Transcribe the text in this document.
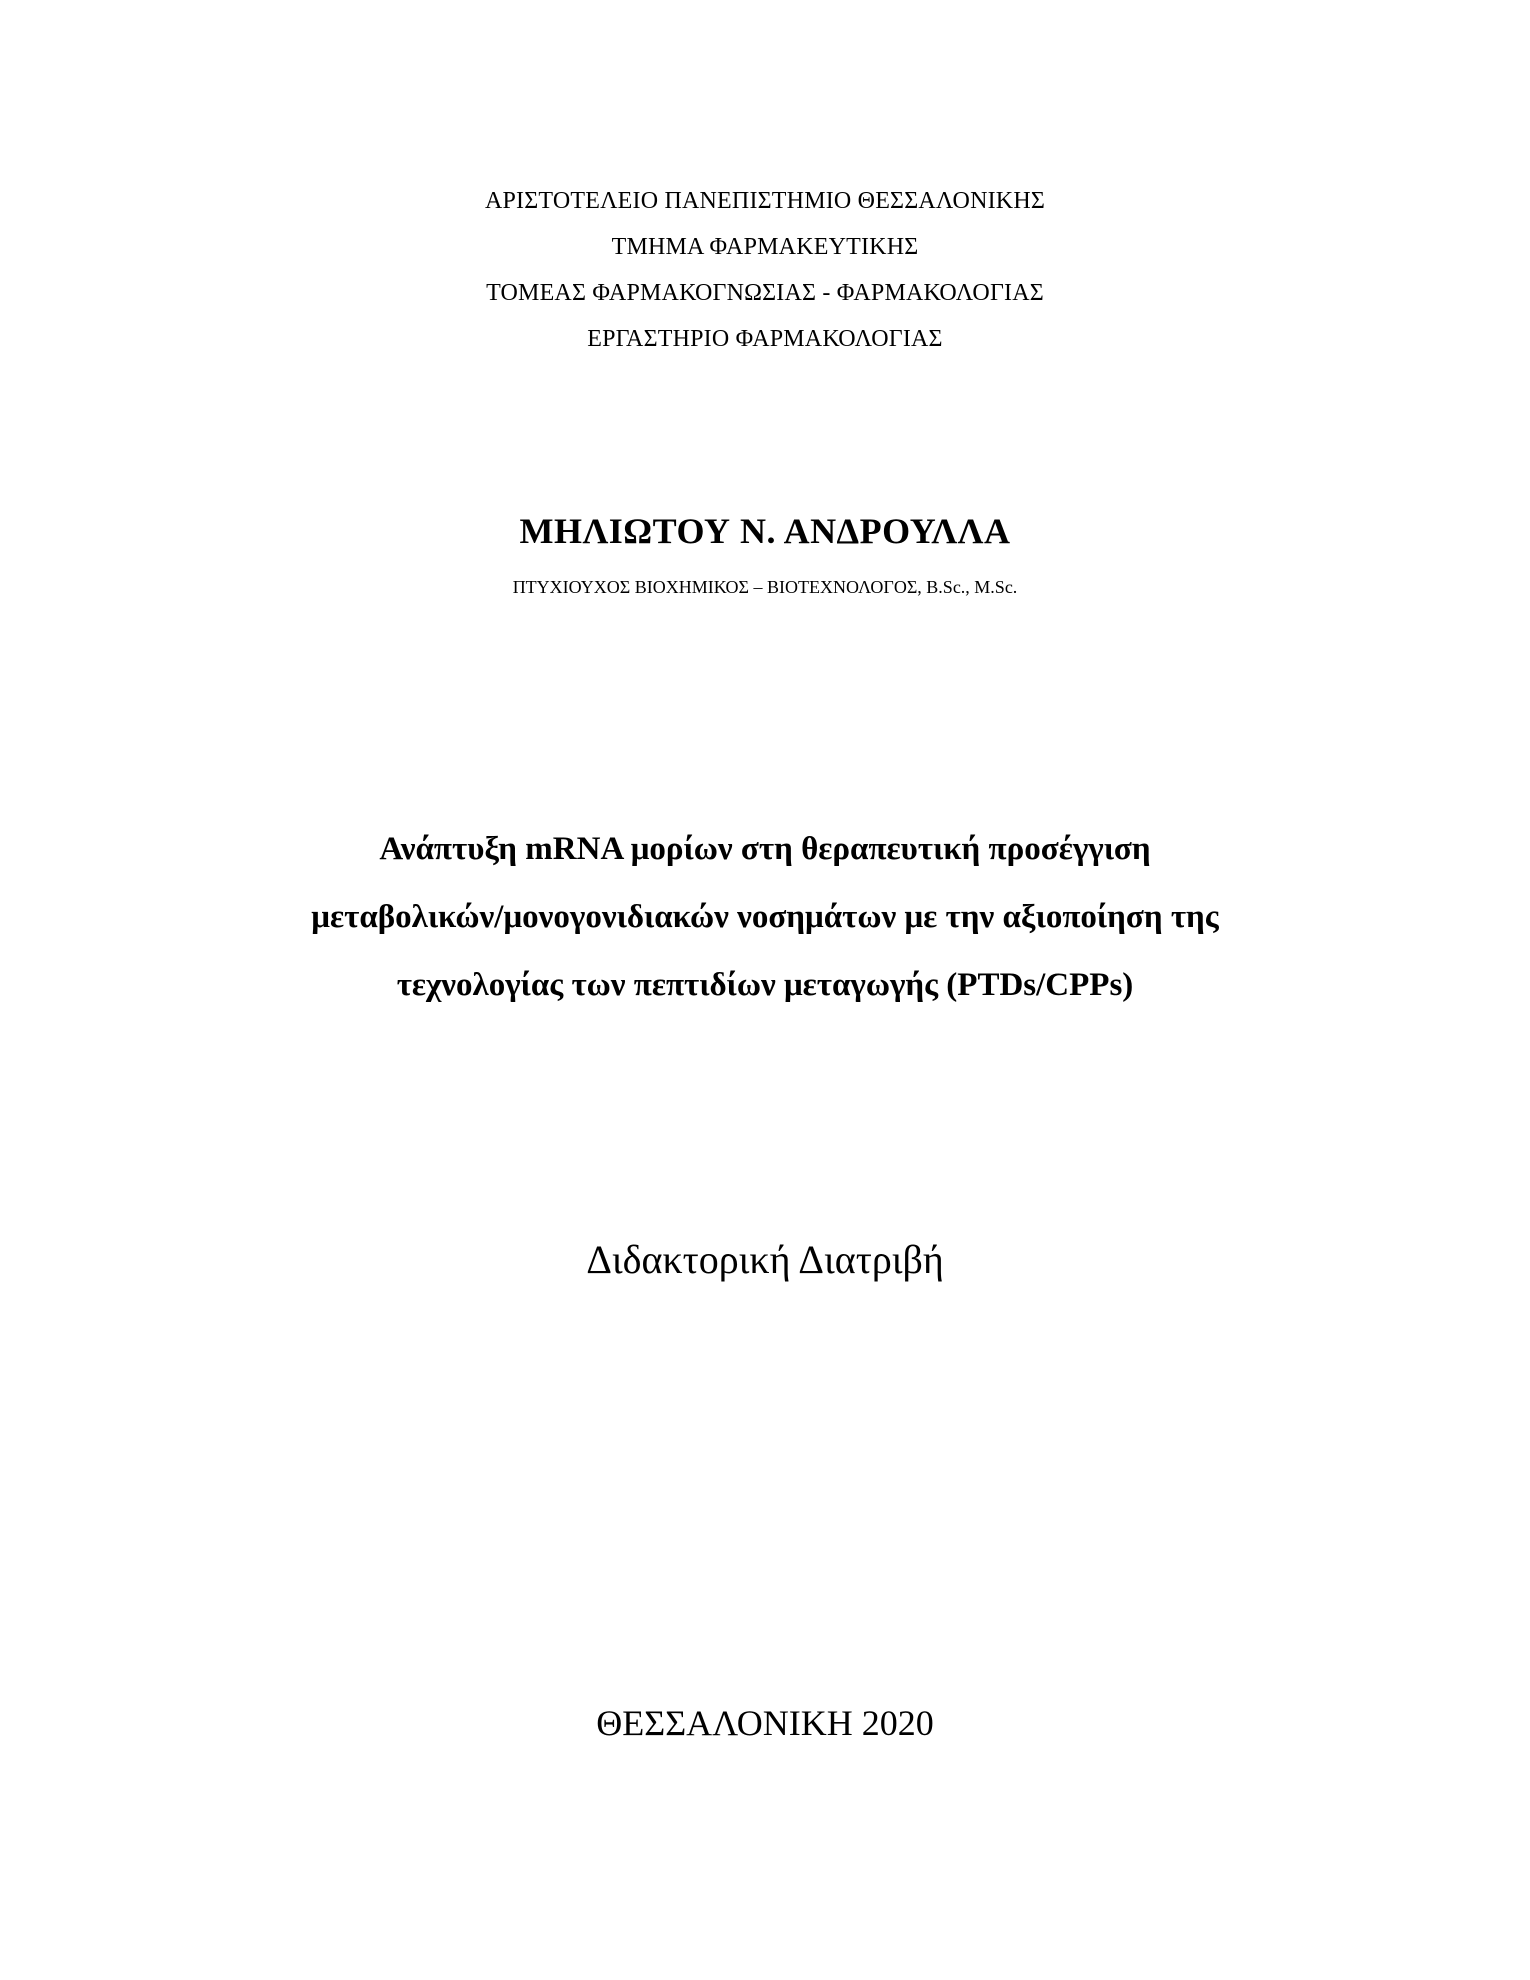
ΑΡΙΣΤΟΤΕΛΕΙΟ ΠΑΝΕΠΙΣΤΗΜΙΟ ΘΕΣΣΑΛΟΝΙΚΗΣ
ΤΜΗΜΑ ΦΑΡΜΑΚΕΥΤΙΚΗΣ
ΤΟΜΕΑΣ ΦΑΡΜΑΚΟΓΝΩΣΙΑΣ - ΦΑΡΜΑΚΟΛΟΓΙΑΣ
ΕΡΓΑΣΤΗΡΙΟ ΦΑΡΜΑΚΟΛΟΓΙΑΣ
ΜΗΛΙΩΤΟΥ Ν. ΑΝΔΡΟΥΛΛΑ
ΠΤΥΧΙΟΥΧΟΣ ΒΙΟΧΗΜΙΚΟΣ – ΒΙΟΤΕΧΝΟΛΟΓΟΣ, B.Sc., M.Sc.
Ανάπτυξη mRNA μορίων στη θεραπευτική προσέγγιση
μεταβολικών/μονογονιδιακών νοσημάτων με την αξιοποίηση της
τεχνολογίας των πεπτιδίων μεταγωγής (PTDs/CPPs)
Διδακτορική Διατριβή
ΘΕΣΣΑΛΟΝΙΚΗ 2020
